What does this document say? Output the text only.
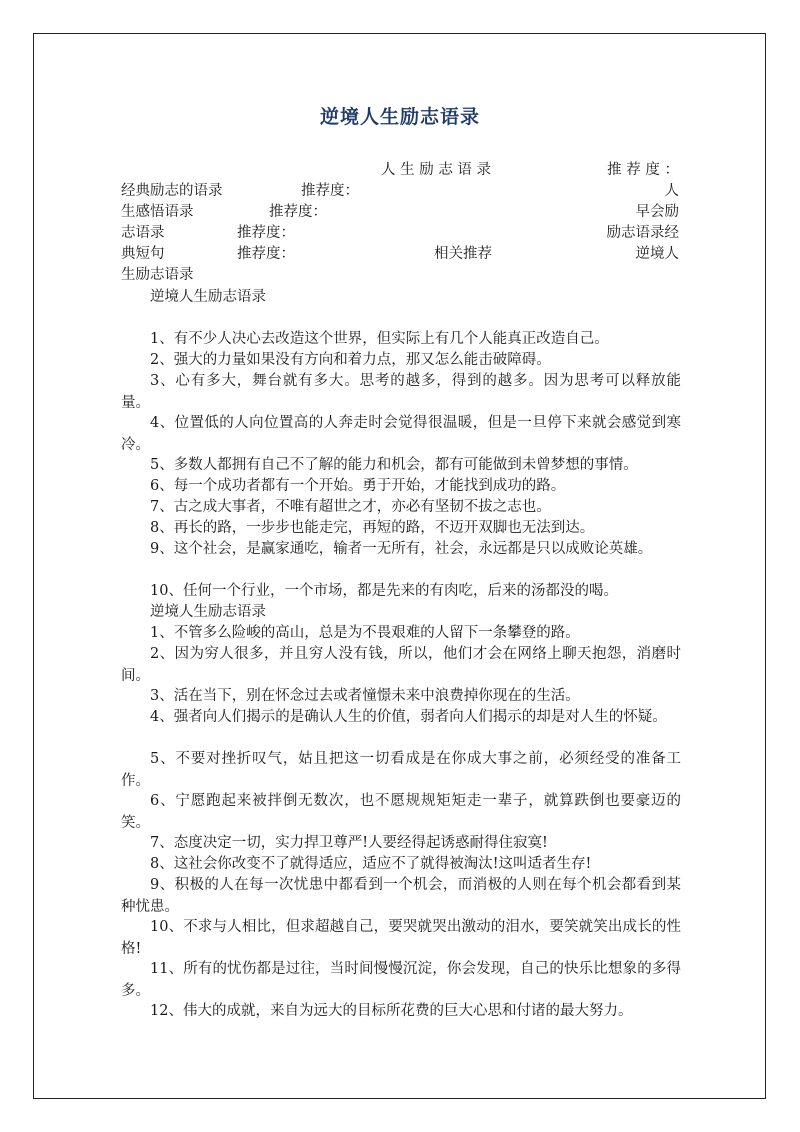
逆境人生励志语录
人 生 励 志 语 录	推 荐 度 ：
经典励志的语录	推荐度：	人
生感悟语录	推荐度：	早会励
志语录	推荐度：	励志语录经
典短句	推荐度：	相关推荐	逆境人
生励志语录
逆境人生励志语录
1、有不少人决心去改造这个世界，但实际上有几个人能真正改造自己。
2、强大的力量如果没有方向和着力点，那又怎么能击破障碍。
3、心有多大，舞台就有多大。思考的越多，得到的越多。因为思考可以释放能量。
4、位置低的人向位置高的人奔走时会觉得很温暖，但是一旦停下来就会感觉到寒冷。
5、多数人都拥有自己不了解的能力和机会，都有可能做到未曾梦想的事情。
6、每一个成功者都有一个开始。勇于开始，才能找到成功的路。
7、古之成大事者，不唯有超世之才，亦必有坚韧不拔之志也。
8、再长的路，一步步也能走完，再短的路，不迈开双脚也无法到达。
9、这个社会，是赢家通吃，输者一无所有，社会，永远都是只以成败论英雄。
10、任何一个行业，一个市场，都是先来的有肉吃，后来的汤都没的喝。
逆境人生励志语录
1、不管多么险峻的高山，总是为不畏艰难的人留下一条攀登的路。
2、因为穷人很多，并且穷人没有钱，所以，他们才会在网络上聊天抱怨，消磨时间。
3、活在当下，别在怀念过去或者憧憬未来中浪费掉你现在的生活。
4、强者向人们揭示的是确认人生的价值，弱者向人们揭示的却是对人生的怀疑。
5、不要对挫折叹气，姑且把这一切看成是在你成大事之前，必须经受的准备工作。
6、宁愿跑起来被拌倒无数次，也不愿规规矩矩走一辈子，就算跌倒也要豪迈的笑。
7、态度决定一切，实力捍卫尊严!人要经得起诱惑耐得住寂寞!
8、这社会你改变不了就得适应，适应不了就得被淘汰!这叫适者生存!
9、积极的人在每一次忧患中都看到一个机会，而消极的人则在每个机会都看到某种忧患。
10、不求与人相比，但求超越自己，要哭就哭出激动的泪水，要笑就笑出成长的性格!
11、所有的忧伤都是过往，当时间慢慢沉淀，你会发现，自己的快乐比想象的多得多。
12、伟大的成就，来自为远大的目标所花费的巨大心思和付诸的最大努力。
